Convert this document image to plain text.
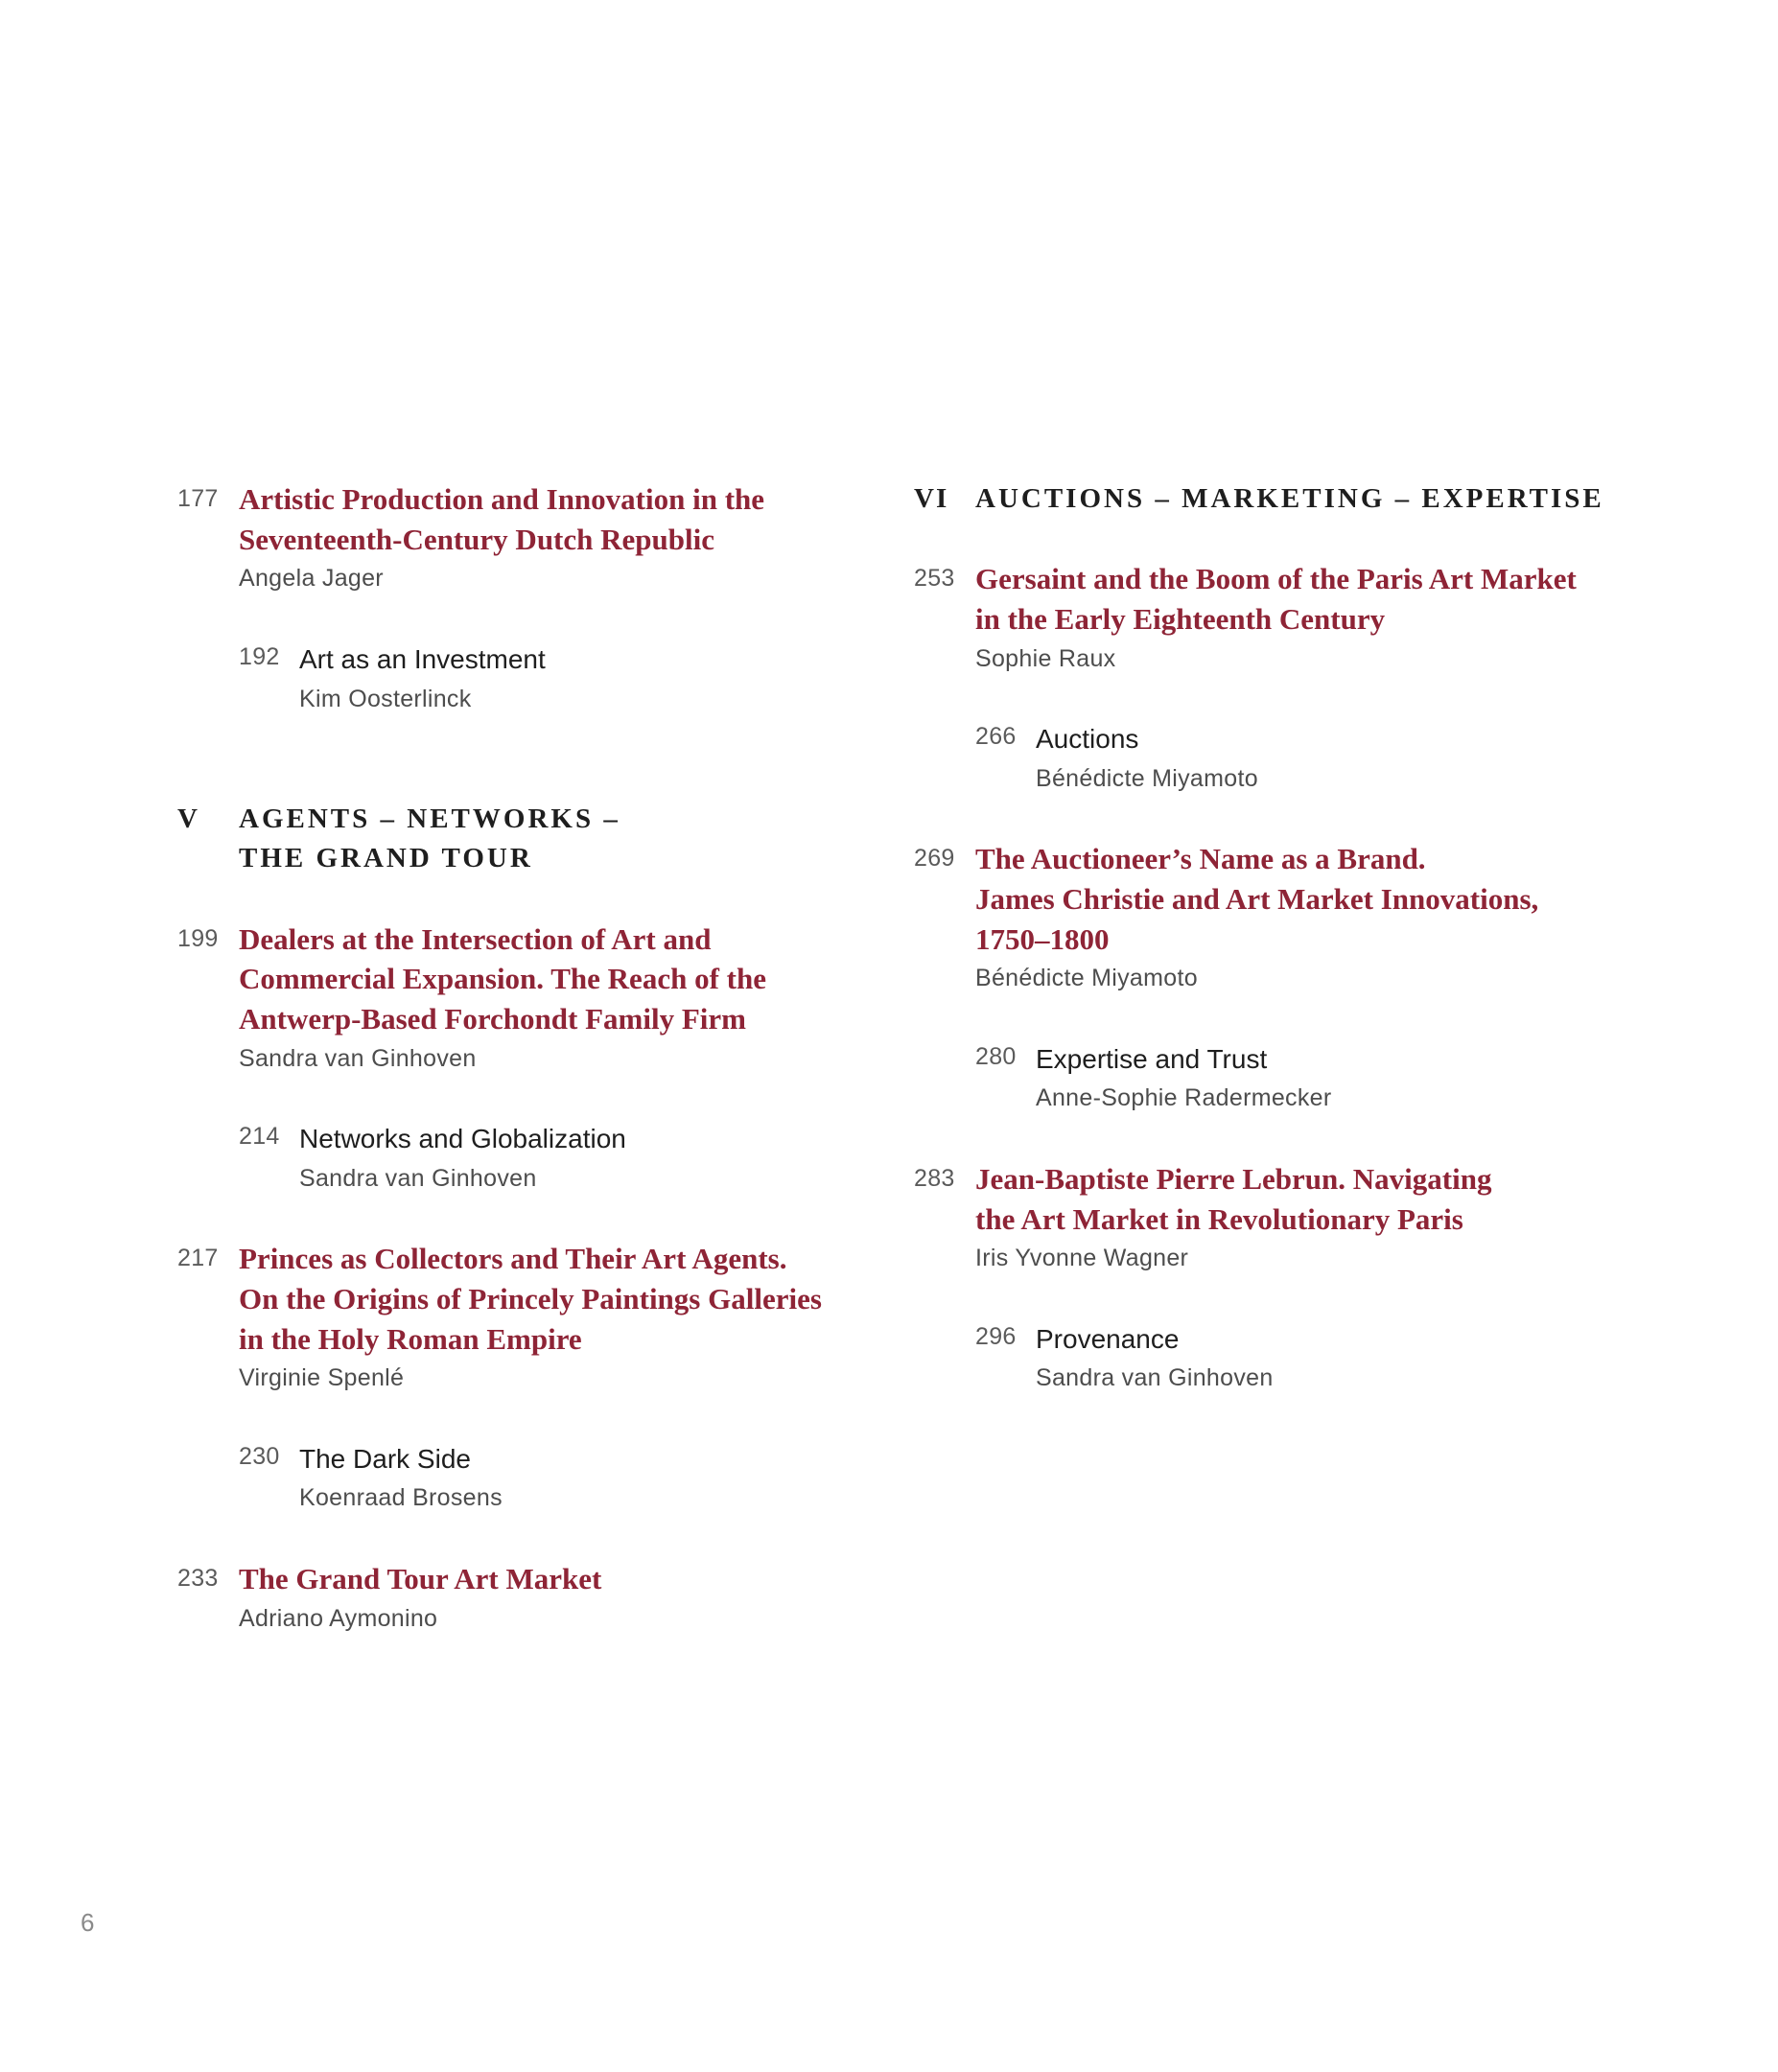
177 Artistic Production and Innovation in the
Seventeenth-Century Dutch Republic
Angela Jager
192 Art as an Investment
Kim Oosterlinck
V AGENTS – NETWORKS –
THE GRAND TOUR
199 Dealers at the Intersection of Art and
Commercial Expansion. The Reach of the
Antwerp-Based Forchondt Family Firm
Sandra van Ginhoven
214 Networks and Globalization
Sandra van Ginhoven
217 Princes as Collectors and Their Art Agents.
On the Origins of Princely Paintings Galleries
in the Holy Roman Empire
Virginie Spenlé
230 The Dark Side
Koenraad Brosens
233 The Grand Tour Art Market
Adriano Aymonino
VI AUCTIONS – MARKETING – EXPERTISE
253 Gersaint and the Boom of the Paris Art Market
in the Early Eighteenth Century
Sophie Raux
266 Auctions
Bénédicte Miyamoto
269 The Auctioneer’s Name as a Brand.
James Christie and Art Market Innovations,
1750–1800
Bénédicte Miyamoto
280 Expertise and Trust
Anne-Sophie Radermecker
283 Jean-Baptiste Pierre Lebrun. Navigating
the Art Market in Revolutionary Paris
Iris Yvonne Wagner
296 Provenance
Sandra van Ginhoven
6
